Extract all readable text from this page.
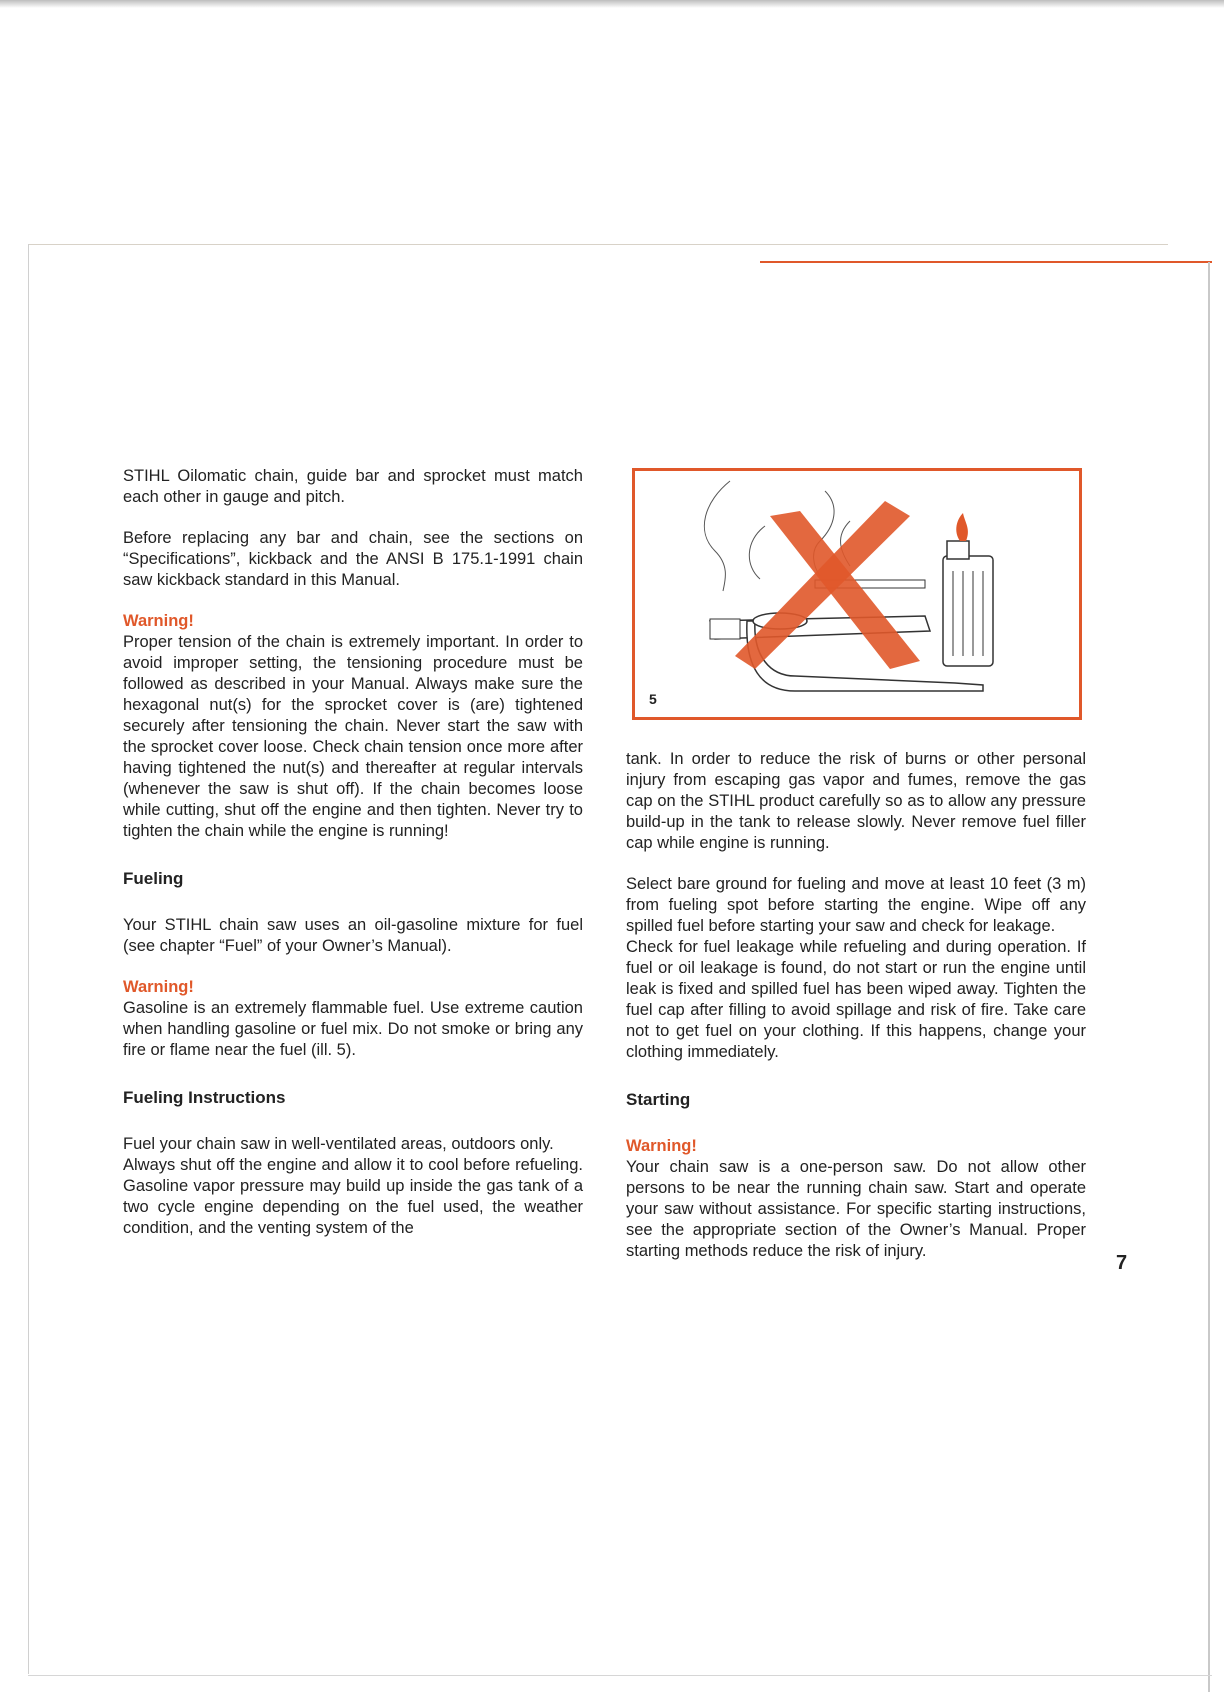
STIHL Oilomatic chain, guide bar and sprocket must match each other in gauge and pitch.

Before replacing any bar and chain, see the sections on “Specifications”, kickback and the ANSI B 175.1-1991 chain saw kickback standard in this Manual.

Warning!

Proper tension of the chain is extremely important. In order to avoid improper setting, the tensioning procedure must be followed as described in your Manual. Always make sure the hexagonal nut(s) for the sprocket cover is (are) tightened securely after tensioning the chain. Never start the saw with the sprocket cover loose. Check chain tension once more after having tightened the nut(s) and thereafter at regular intervals (whenever the saw is shut off). If the chain becomes loose while cutting, shut off the engine and then tighten. Never try to tighten the chain while the engine is running!

Fueling

Your STIHL chain saw uses an oil-gasoline mixture for fuel (see chapter “Fuel” of your Owner’s Manual).

Warning!

Gasoline is an extremely flammable fuel. Use extreme caution when handling gasoline or fuel mix. Do not smoke or bring any fire or flame near the fuel (ill. 5).

Fueling Instructions

Fuel your chain saw in well-ventilated areas, outdoors only.

Always shut off the engine and allow it to cool before refueling. Gasoline vapor pressure may build up inside the gas tank of a two cycle engine depending on the fuel used, the weather condition, and the venting system of the

5

tank. In order to reduce the risk of burns or other personal injury from escaping gas vapor and fumes, remove the gas cap on the STIHL product carefully so as to allow any pressure build-up in the tank to release slowly. Never remove fuel filler cap while engine is running.

Select bare ground for fueling and move at least 10 feet (3 m) from fueling spot before starting the engine. Wipe off any spilled fuel before starting your saw and check for leakage.

Check for fuel leakage while refueling and during operation. If fuel or oil leakage is found, do not start or run the engine until leak is fixed and spilled fuel has been wiped away. Tighten the fuel cap after filling to avoid spillage and risk of fire. Take care not to get fuel on your clothing. If this happens, change your clothing immediately.

Starting

Warning!

Your chain saw is a one-person saw. Do not allow other persons to be near the running chain saw. Start and operate your saw without assistance. For specific starting instructions, see the appropriate section of the Owner’s Manual. Proper starting methods reduce the risk of injury.

7
